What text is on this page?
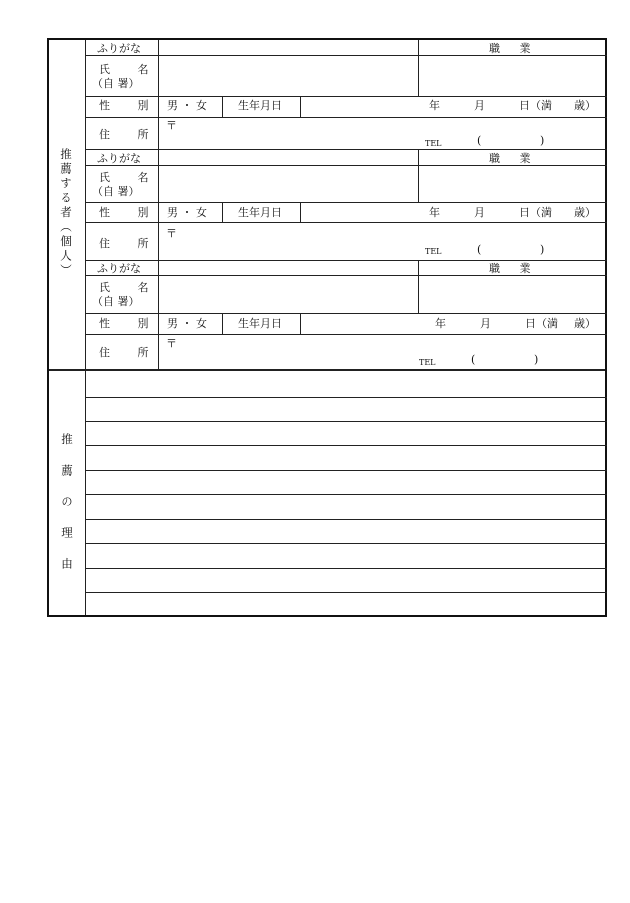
推薦する者（個人）
ふりがな	職 業
氏 名
（自 署）
性 別 男 ・ 女	生年月日	年	月	日（満 歳）
住 所
〒
TEL	(	)
ふりがな	職 業
氏 名
（自 署）
性 別 男 ・ 女	生年月日	年	月	日（満 歳）
住 所
〒
TEL	(	)
ふりがな	職 業
氏 名
（自 署）
性 別 男 ・ 女	生年月日	年	月	日（満 歳）
住 所
〒
TEL	(	)
推 薦 の 理 由
